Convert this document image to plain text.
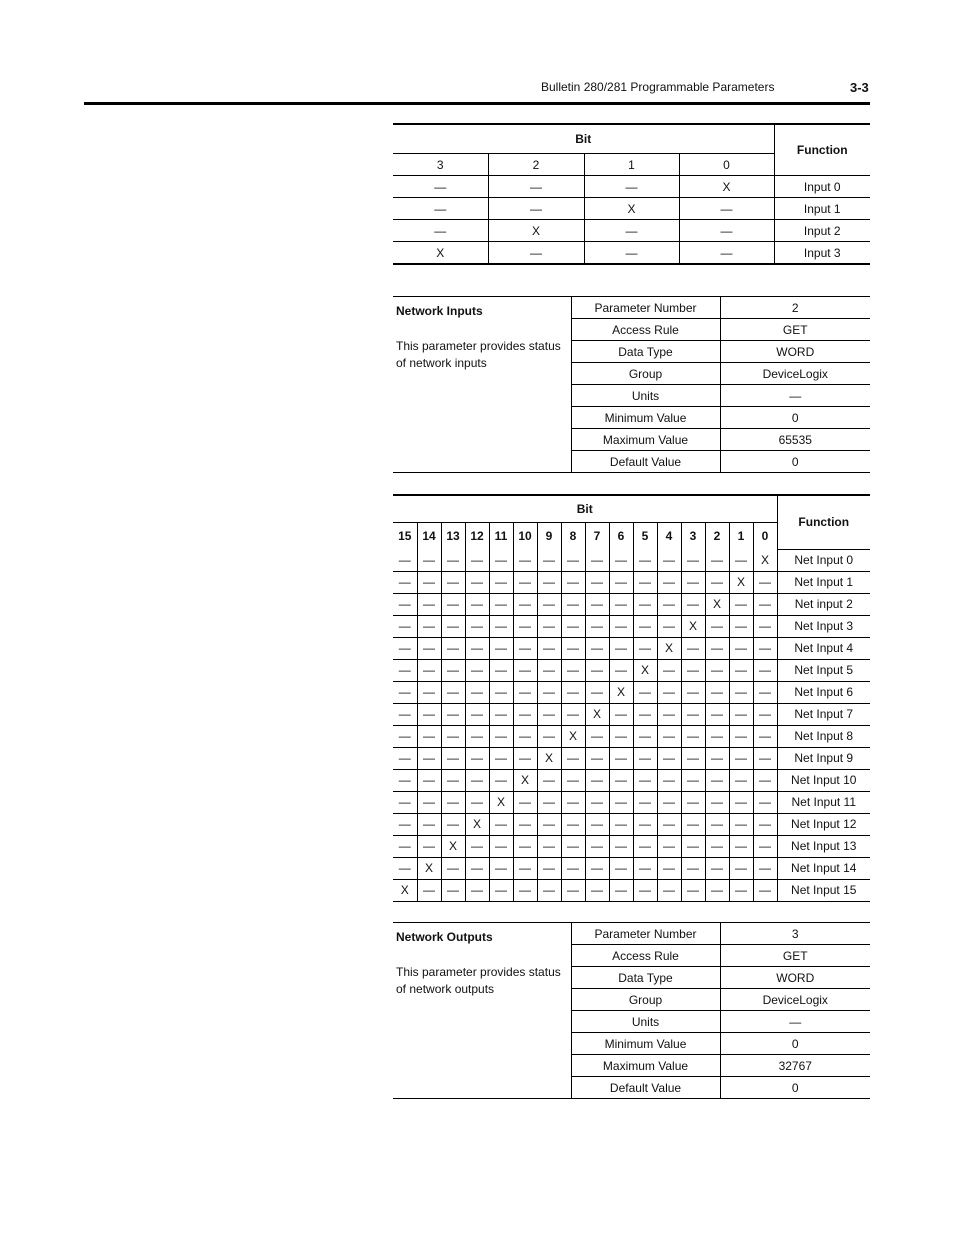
Bulletin 280/281 Programmable Parameters	3-3
Bit				Function
3	2	1	0	
—	—	—	X	Input 0
—	—	X	—	Input 1
—	X	—	—	Input 2
X	—	—	—	Input 3
Network Inputs
This parameter provides status of network inputs	Parameter Number	2
	Access Rule	GET
	Data Type	WORD
	Group	DeviceLogix
	Units	—
	Minimum Value	0
	Maximum Value	65535
	Default Value	0
Bit																Function
15	14	13	12	11	10	9	8	7	6	5	4	3	2	1	0	
—	—	—	—	—	—	—	—	—	—	—	—	—	—	—	X	Net Input 0
—	—	—	—	—	—	—	—	—	—	—	—	—	—	X	—	Net Input 1
—	—	—	—	—	—	—	—	—	—	—	—	—	X	—	—	Net input 2
—	—	—	—	—	—	—	—	—	—	—	—	X	—	—	—	Net Input 3
—	—	—	—	—	—	—	—	—	—	—	X	—	—	—	—	Net Input 4
—	—	—	—	—	—	—	—	—	—	X	—	—	—	—	—	Net Input 5
—	—	—	—	—	—	—	—	—	X	—	—	—	—	—	—	Net Input 6
—	—	—	—	—	—	—	—	X	—	—	—	—	—	—	—	Net Input 7
—	—	—	—	—	—	—	X	—	—	—	—	—	—	—	—	Net Input 8
—	—	—	—	—	—	X	—	—	—	—	—	—	—	—	—	Net Input 9
—	—	—	—	—	X	—	—	—	—	—	—	—	—	—	—	Net Input 10
—	—	—	—	X	—	—	—	—	—	—	—	—	—	—	—	Net Input 11
—	—	—	X	—	—	—	—	—	—	—	—	—	—	—	—	Net Input 12
—	—	X	—	—	—	—	—	—	—	—	—	—	—	—	—	Net Input 13
—	X	—	—	—	—	—	—	—	—	—	—	—	—	—	—	Net Input 14
X	—	—	—	—	—	—	—	—	—	—	—	—	—	—	—	Net Input 15
Network Outputs
This parameter provides status of network outputs	Parameter Number	3
	Access Rule	GET
	Data Type	WORD
	Group	DeviceLogix
	Units	—
	Minimum Value	0
	Maximum Value	32767
	Default Value	0
